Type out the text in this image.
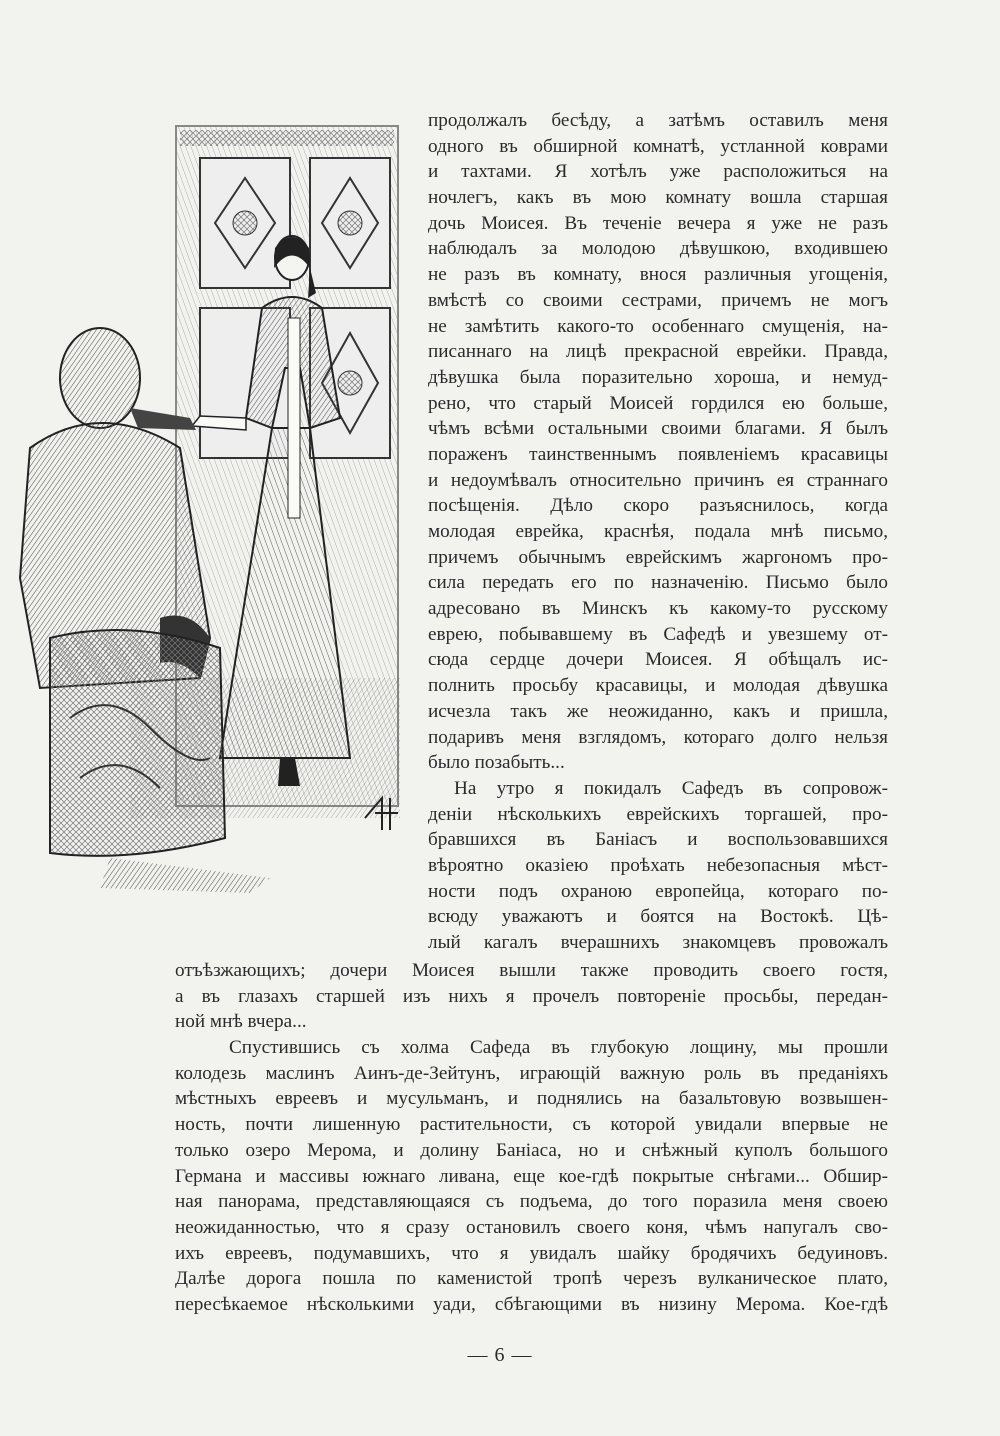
продолжалъ бесѣду, а затѣмъ оставилъ меня
одного въ обширной комнатѣ, устланной коврами
и тахтами. Я хотѣлъ уже расположиться на
ночлегъ, какъ въ мою комнату вошла старшая
дочь Моисея. Въ теченіе вечера я уже не разъ
наблюдалъ за молодою дѣвушкою, входившею
не разъ въ комнату, внося различныя угощенія,
вмѣстѣ со своими сестрами, причемъ не могъ
не замѣтить какого-то особеннаго смущенія, на-
писаннаго на лицѣ прекрасной еврейки. Правда,
дѣвушка была поразительно хороша, и немуд-
рено, что старый Моисей гордился ею больше,
чѣмъ всѣми остальными своими благами. Я былъ
пораженъ таинственнымъ появленіемъ красавицы
и недоумѣвалъ относительно причинъ ея страннаго
посѣщенія. Дѣло скоро разъяснилось, когда
молодая еврейка, краснѣя, подала мнѣ письмо,
причемъ обычнымъ еврейскимъ жаргономъ про-
сила передать его по назначенію. Письмо было
адресовано въ Минскъ къ какому-то русскому
еврею, побывавшему въ Сафедѣ и увезшему от-
сюда сердце дочери Моисея. Я обѣщалъ ис-
полнить просьбу красавицы, и молодая дѣвушка
исчезла такъ же неожиданно, какъ и пришла,
подаривъ меня взглядомъ, котораго долго нельзя
было позабыть...
На утро я покидалъ Сафедъ въ сопровож-
деніи нѣсколькихъ еврейскихъ торгашей, про-
бравшихся въ Баніасъ и воспользовавшихся
вѣроятно оказіею проѣхать небезопасныя мѣст-
ности подъ охраною европейца, котораго по-
всюду уважаютъ и боятся на Востокѣ. Цѣ-
лый кагалъ вчерашнихъ знакомцевъ провожалъ
отъѣзжающихъ; дочери Моисея вышли также проводить своего гостя,
а въ глазахъ старшей изъ нихъ я прочелъ повтореніе просьбы, передан-
ной мнѣ вчера...
Спустившись съ холма Сафеда въ глубокую лощину, мы прошли
колодезь маслинъ Аинъ-де-Зейтунъ, играющій важную роль въ преданіяхъ
мѣстныхъ евреевъ и мусульманъ, и поднялись на базальтовую возвышен-
ность, почти лишенную растительности, съ которой увидали впервые не
только озеро Мерома, и долину Баніаса, но и снѣжный куполъ большого
Германа и массивы южнаго ливана, еще кое-гдѣ покрытые снѣгами... Обшир-
ная панорама, представляющаяся съ подъема, до того поразила меня своею
неожиданностью, что я сразу остановилъ своего коня, чѣмъ напугалъ сво-
ихъ евреевъ, подумавшихъ, что я увидалъ шайку бродячихъ бедуиновъ.
Далѣе дорога пошла по каменистой тропѣ черезъ вулканическое плато,
пересѣкаемое нѣсколькими уади, сбѣгающими въ низину Мерома. Кое-гдѣ
— 6 —
